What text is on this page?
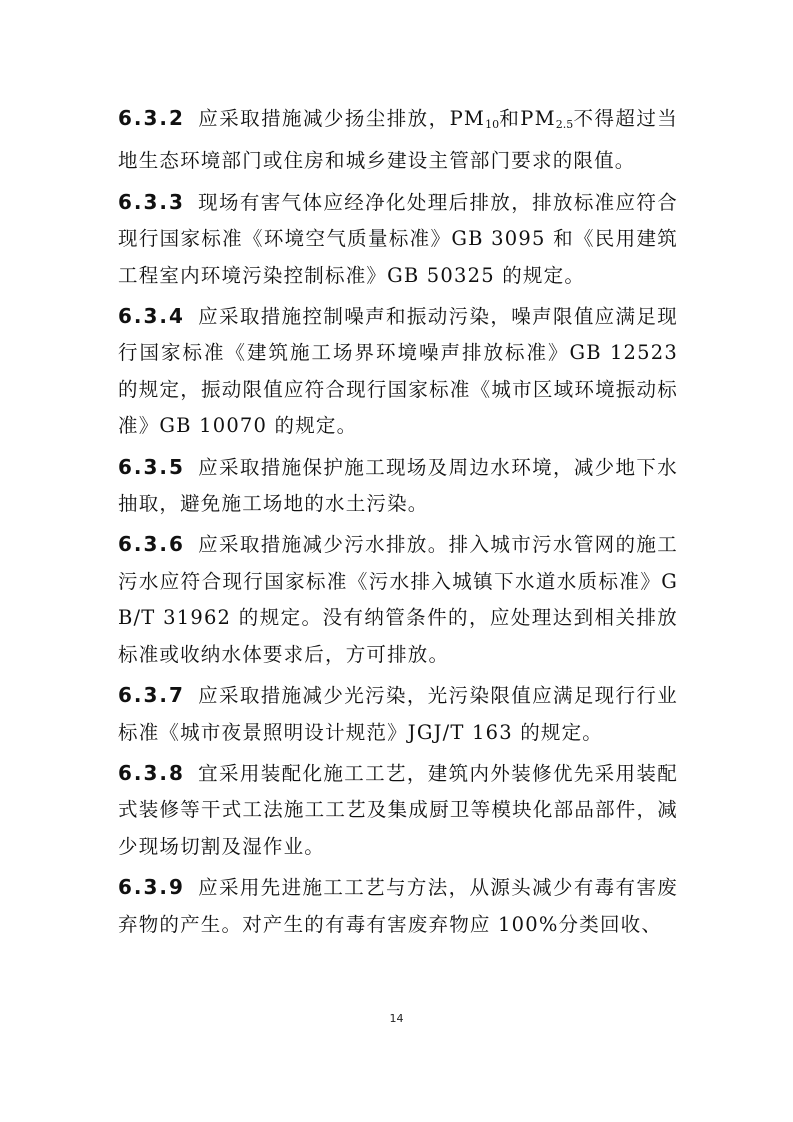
6.3.2 应采取措施减少扬尘排放，$PM_{10}$和$PM_{2.5}$不得超过当地生态环境部门或住房和城乡建设主管部门要求的限值。

6.3.3 现场有害气体应经净化处理后排放，排放标准应符合现行国家标准《环境空气质量标准》GB 3095 和《民用建筑工程室内环境污染控制标准》GB 50325 的规定。

6.3.4 应采取措施控制噪声和振动污染，噪声限值应满足现行国家标准《建筑施工场界环境噪声排放标准》GB 12523 的规定，振动限值应符合现行国家标准《城市区域环境振动标准》GB 10070 的规定。

6.3.5 应采取措施保护施工现场及周边水环境，减少地下水抽取，避免施工场地的水土污染。

6.3.6 应采取措施减少污水排放。排入城市污水管网的施工污水应符合现行国家标准《污水排入城镇下水道水质标准》GB/T 31962 的规定。没有纳管条件的，应处理达到相关排放标准或收纳水体要求后，方可排放。

6.3.7 应采取措施减少光污染，光污染限值应满足现行行业标准《城市夜景照明设计规范》JGJ/T 163 的规定。

6.3.8 宜采用装配化施工工艺，建筑内外装修优先采用装配式装修等干式工法施工工艺及集成厨卫等模块化部品部件，减少现场切割及湿作业。

6.3.9 应采用先进施工工艺与方法，从源头减少有毒有害废弃物的产生。对产生的有毒有害废弃物应 100%分类回收、

14
